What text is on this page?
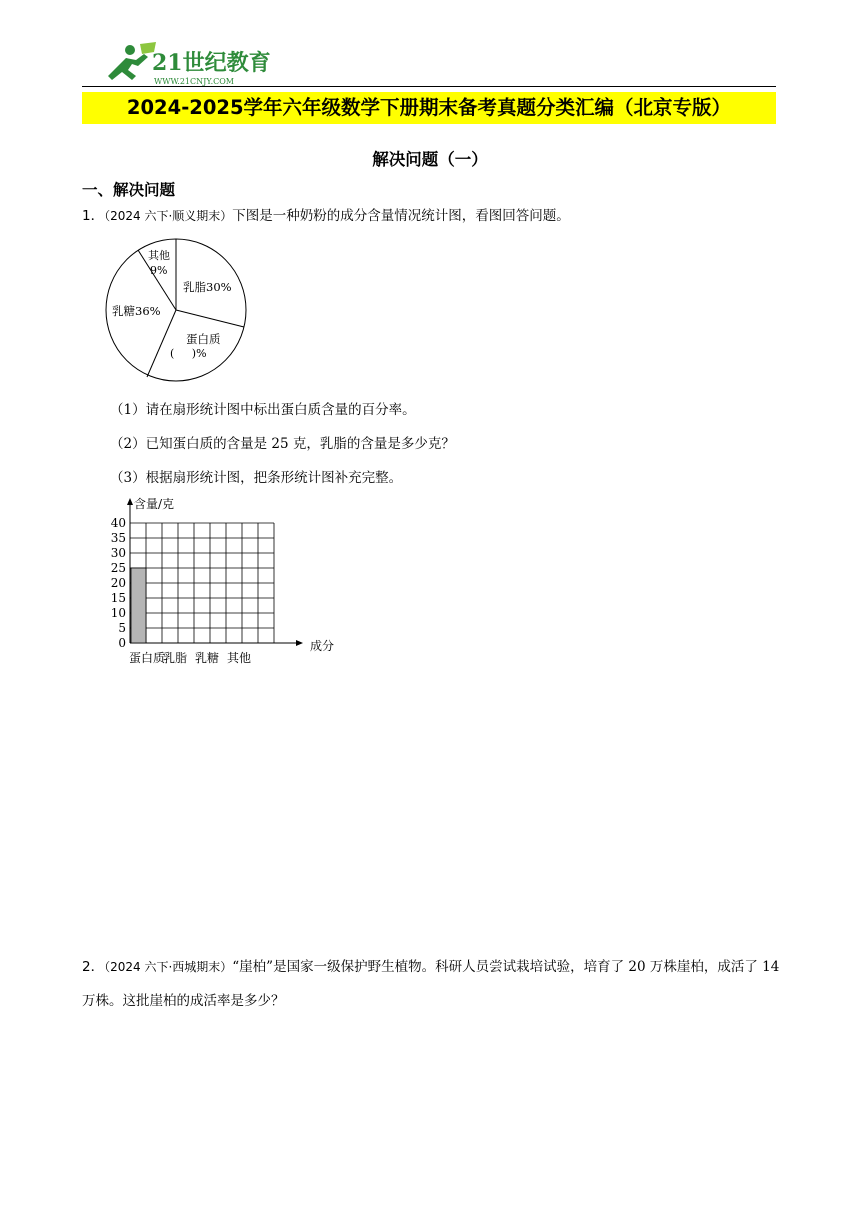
21世纪教育
WWW.21CNJY.COM
2024-2025学年六年级数学下册期末备考真题分类汇编（北京专版）
解决问题（一）
一、解决问题
1．（2024 六下·顺义期末）下图是一种奶粉的成分含量情况统计图，看图回答问题。
其他
9%
乳脂30%
乳糖36%
蛋白质
(     )%
（1）请在扇形统计图中标出蛋白质含量的百分率。
（2）已知蛋白质的含量是 25 克，乳脂的含量是多少克？
（3）根据扇形统计图，把条形统计图补充完整。
0
5
10
15
20
25
30
35
40
蛋白质
乳脂 乳糖 其他
含量/克
成分
2．（2024 六下·西城期末）“崖柏”是国家一级保护野生植物。科研人员尝试栽培试验，培育了 20 万株崖柏，成活了 14 万株。这批崖柏的成活率是多少？
